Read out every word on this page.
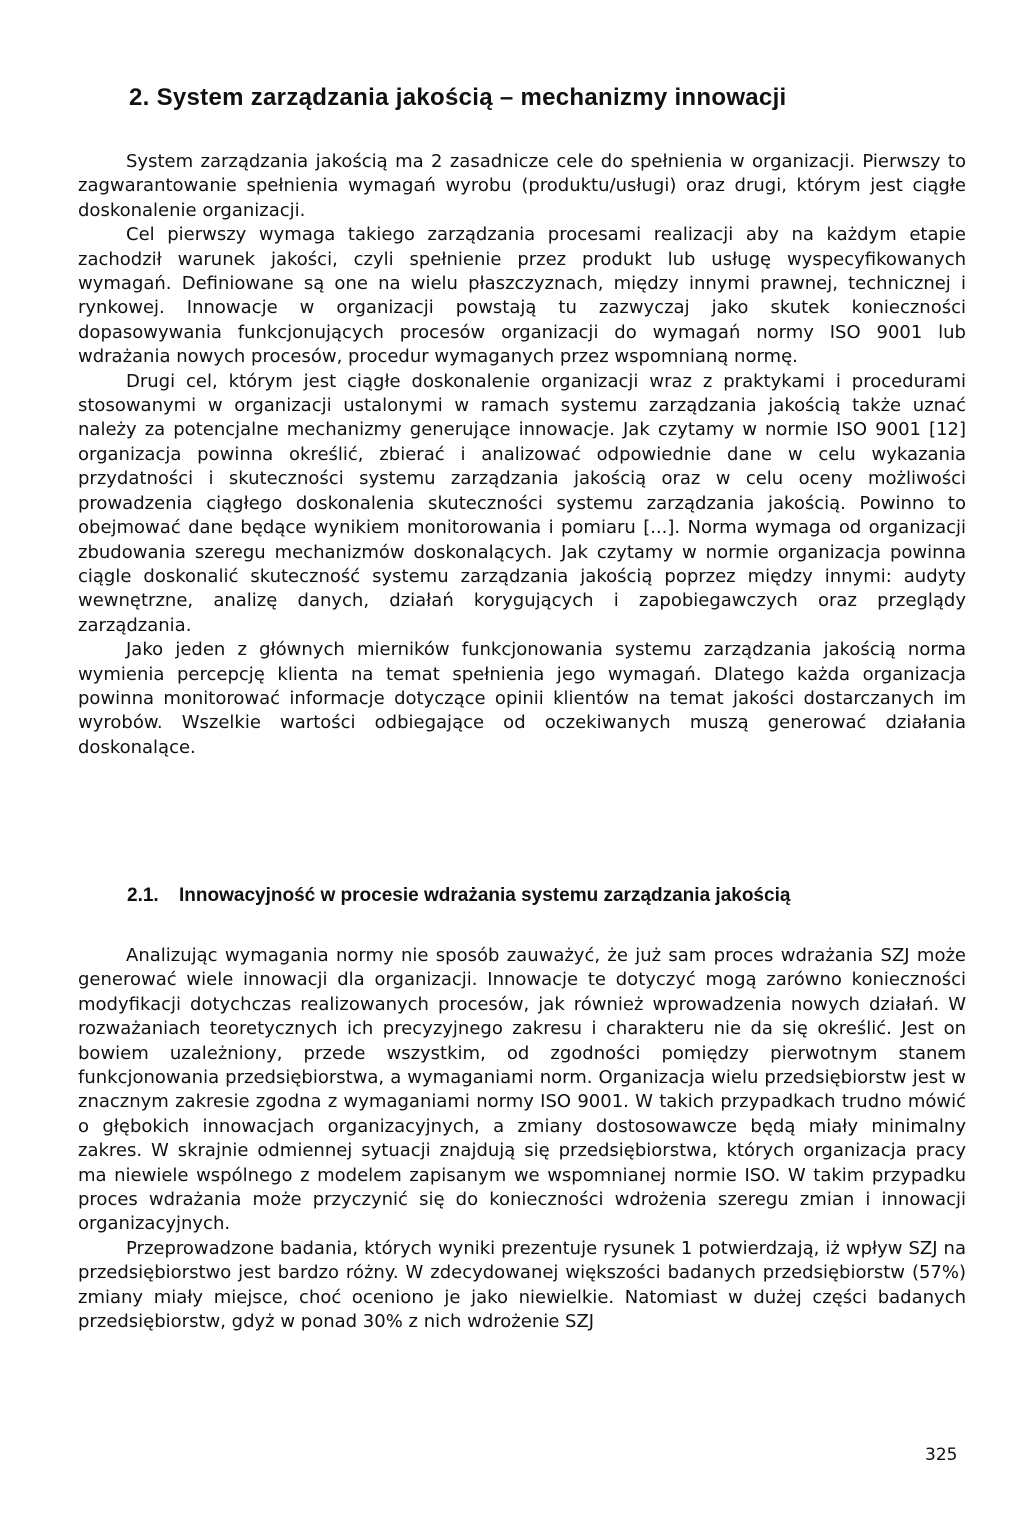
2. System zarządzania jakością – mechanizmy innowacji

System zarządzania jakością ma 2 zasadnicze cele do spełnienia w organizacji. Pierwszy to zagwarantowanie spełnienia wymagań wyrobu (produktu/usługi) oraz drugi, którym jest ciągłe doskonalenie organizacji.

Cel pierwszy wymaga takiego zarządzania procesami realizacji aby na każdym etapie zachodził warunek jakości, czyli spełnienie przez produkt lub usługę wyspecyfikowanych wymagań. Definiowane są one na wielu płaszczyznach, między innymi prawnej, technicznej i rynkowej. Innowacje w organizacji powstają tu zazwyczaj jako skutek konieczności dopasowywania funkcjonujących procesów organizacji do wymagań normy ISO 9001 lub wdrażania nowych procesów, procedur wymaganych przez wspomnianą normę.

Drugi cel, którym jest ciągłe doskonalenie organizacji wraz z praktykami i procedurami stosowanymi w organizacji ustalonymi w ramach systemu zarządzania jakością także uznać należy za potencjalne mechanizmy generujące innowacje. Jak czytamy w normie ISO 9001 [12] organizacja powinna określić, zbierać i analizować odpowiednie dane w celu wykazania przydatności i skuteczności systemu zarządzania jakością oraz w celu oceny możliwości prowadzenia ciągłego doskonalenia skuteczności systemu zarządzania jakością. Powinno to obejmować dane będące wynikiem monitorowania i pomiaru [...]. Norma wymaga od organizacji zbudowania szeregu mechanizmów doskonalących. Jak czytamy w normie organizacja powinna ciągle doskonalić skuteczność systemu zarządzania jakością poprzez między innymi: audyty wewnętrzne, analizę danych, działań korygujących i zapobiegawczych oraz przeglądy zarządzania.

Jako jeden z głównych mierników funkcjonowania systemu zarządzania jakością norma wymienia percepcję klienta na temat spełnienia jego wymagań. Dlatego każda organizacja powinna monitorować informacje dotyczące opinii klientów na temat jakości dostarczanych im wyrobów. Wszelkie wartości odbiegające od oczekiwanych muszą generować działania doskonalące.

2.1. Innowacyjność w procesie wdrażania systemu zarządzania jakością

Analizując wymagania normy nie sposób zauważyć, że już sam proces wdrażania SZJ może generować wiele innowacji dla organizacji. Innowacje te dotyczyć mogą zarówno konieczności modyfikacji dotychczas realizowanych procesów, jak również wprowadzenia nowych działań. W rozważaniach teoretycznych ich precyzyjnego zakresu i charakteru nie da się określić. Jest on bowiem uzależniony, przede wszystkim, od zgodności pomiędzy pierwotnym stanem funkcjonowania przedsiębiorstwa, a wymaganiami norm. Organizacja wielu przedsiębiorstw jest w znacznym zakresie zgodna z wymaganiami normy ISO 9001. W takich przypadkach trudno mówić o głębokich innowacjach organizacyjnych, a zmiany dostosowawcze będą miały minimalny zakres. W skrajnie odmiennej sytuacji znajdują się przedsiębiorstwa, których organizacja pracy ma niewiele wspólnego z modelem zapisanym we wspomnianej normie ISO. W takim przypadku proces wdrażania może przyczynić się do konieczności wdrożenia szeregu zmian i innowacji organizacyjnych.

Przeprowadzone badania, których wyniki prezentuje rysunek 1 potwierdzają, iż wpływ SZJ na przedsiębiorstwo jest bardzo różny. W zdecydowanej większości badanych przedsiębiorstw (57%) zmiany miały miejsce, choć oceniono je jako niewielkie. Natomiast w dużej części badanych przedsiębiorstw, gdyż w ponad 30% z nich wdrożenie SZJ

325
